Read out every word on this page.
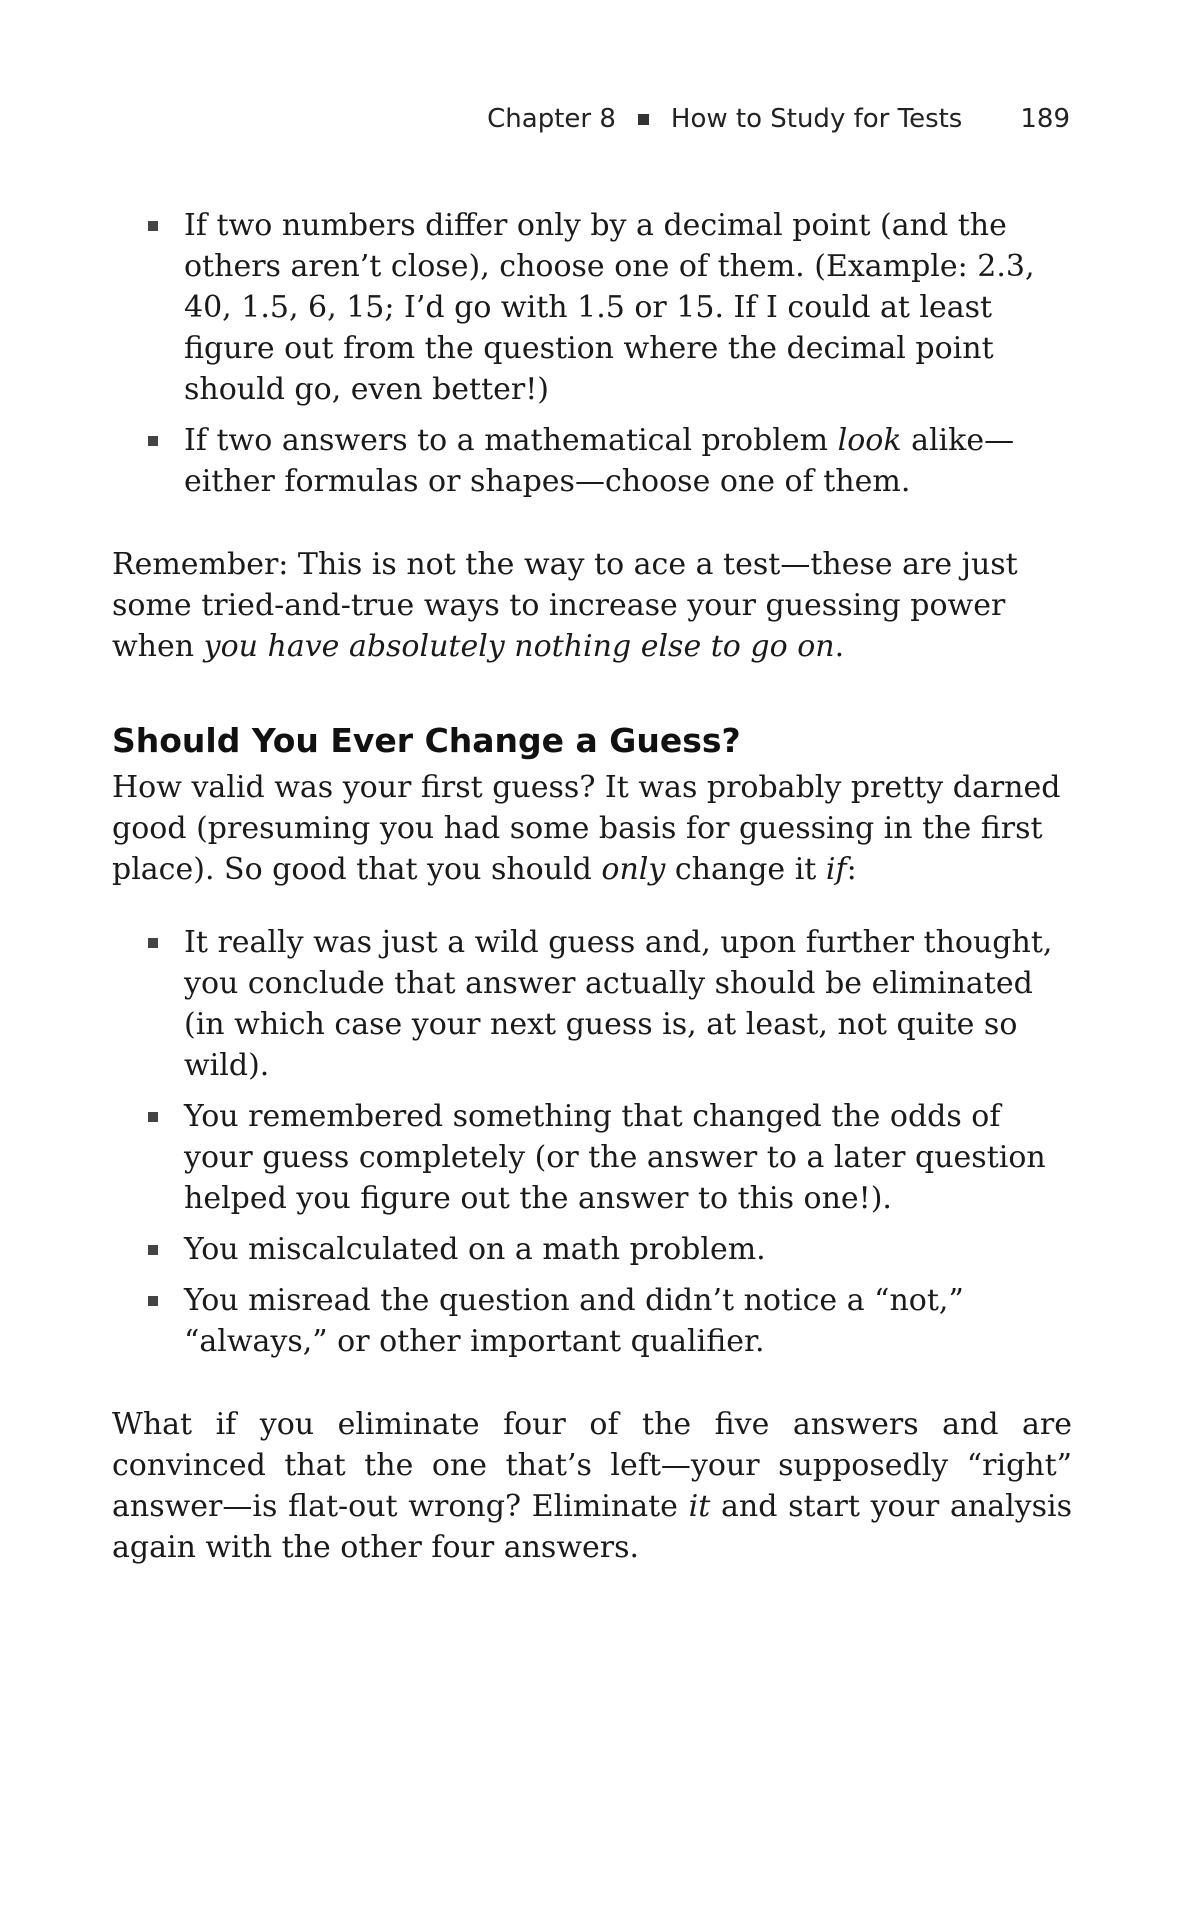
Chapter 8 How to Study for Tests 189
If two numbers differ only by a decimal point (and the others aren’t close), choose one of them. (Example: 2.3, 40, 1.5, 6, 15; I’d go with 1.5 or 15. If I could at least figure out from the question where the decimal point should go, even better!)
If two answers to a mathematical problem look alike—either formulas or shapes—choose one of them.

Remember: This is not the way to ace a test—these are just some tried-and-true ways to increase your guessing power when you have absolutely nothing else to go on.

Should You Ever Change a Guess?

How valid was your first guess? It was probably pretty darned good (presuming you had some basis for guessing in the first place). So good that you should only change it if:

It really was just a wild guess and, upon further thought, you conclude that answer actually should be eliminated (in which case your next guess is, at least, not quite so wild).
You remembered something that changed the odds of your guess completely (or the answer to a later question helped you figure out the answer to this one!).
You miscalculated on a math problem.
You misread the question and didn’t notice a “not,” “always,” or other important qualifier.

What if you eliminate four of the five answers and are convinced that the one that’s left—your supposedly “right” answer—is flat-out wrong? Eliminate it and start your analysis again with the other four answers.
